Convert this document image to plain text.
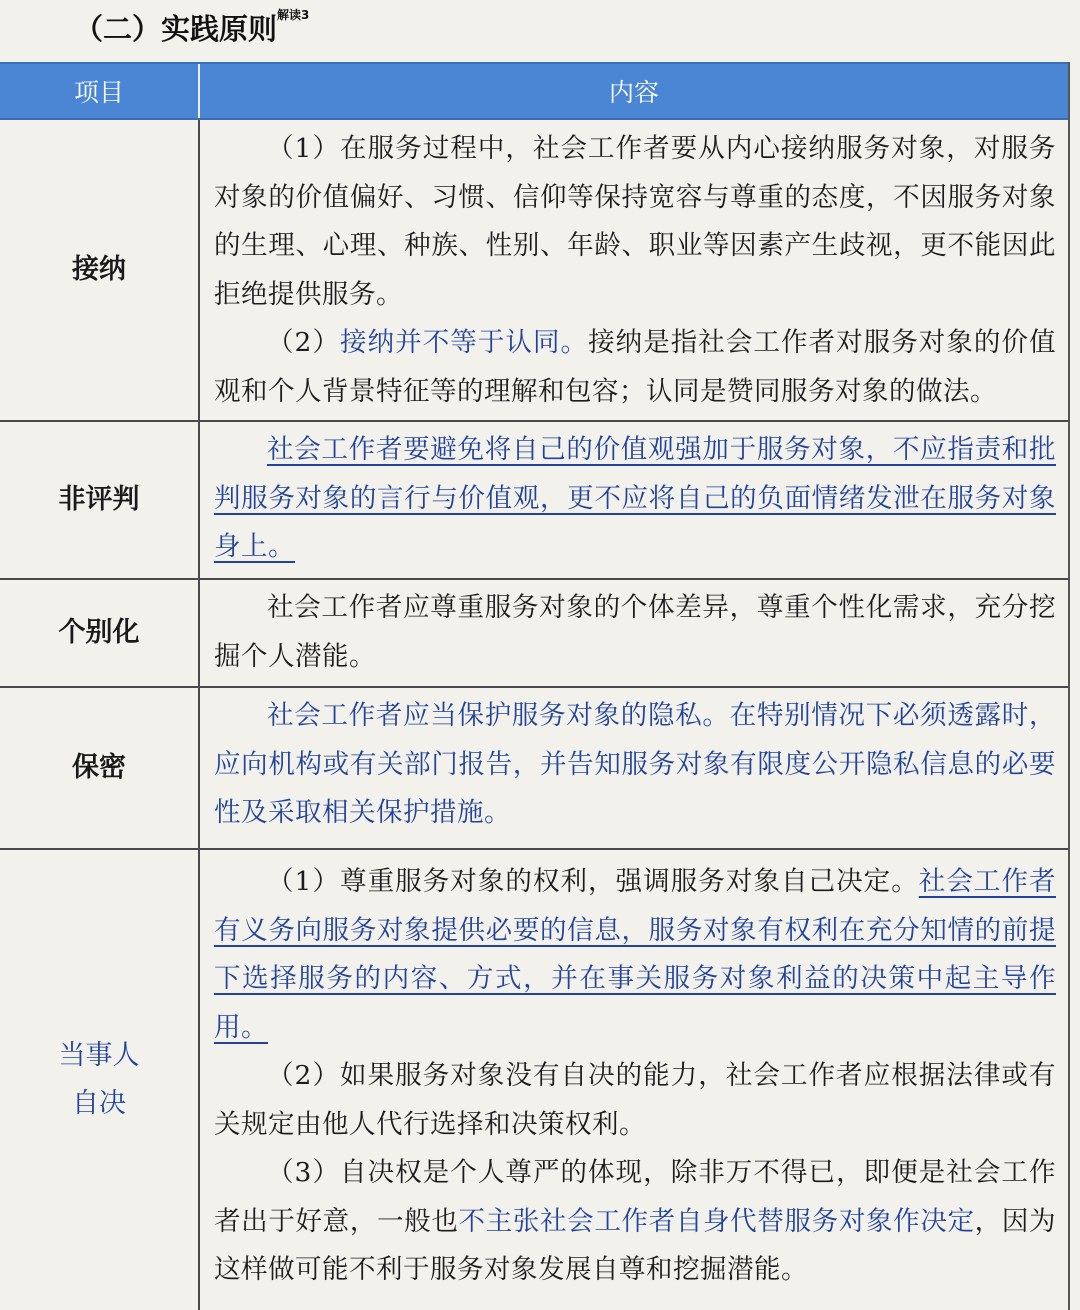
（二）实践原则$^{解读3}$
项目	内容
接纳

（1）在服务过程中，社会工作者要从内心接纳服务对象，对服务对象的价值偏好、习惯、信仰等保持宽容与尊重的态度，不因服务对象的生理、心理、种族、性别、年龄、职业等因素产生歧视，更不能因此拒绝提供服务。

（2）接纳并不等于认同。接纳是指社会工作者对服务对象的价值观和个人背景特征等的理解和包容；认同是赞同服务对象的做法。

非评判

社会工作者要避免将自己的价值观强加于服务对象，不应指责和批判服务对象的言行与价值观，更不应将自己的负面情绪发泄在服务对象身上。

个别化

社会工作者应尊重服务对象的个体差异，尊重个性化需求，充分挖掘个人潜能。

保密

社会工作者应当保护服务对象的隐私。在特别情况下必须透露时，应向机构或有关部门报告，并告知服务对象有限度公开隐私信息的必要性及采取相关保护措施。

当事人
自决

（1）尊重服务对象的权利，强调服务对象自己决定。社会工作者有义务向服务对象提供必要的信息，服务对象有权利在充分知情的前提下选择服务的内容、方式，并在事关服务对象利益的决策中起主导作用。

（2）如果服务对象没有自决的能力，社会工作者应根据法律或有关规定由他人代行选择和决策权利。

（3）自决权是个人尊严的体现，除非万不得已，即便是社会工作者出于好意，一般也不主张社会工作者自身代替服务对象作决定，因为这样做可能不利于服务对象发展自尊和挖掘潜能。
